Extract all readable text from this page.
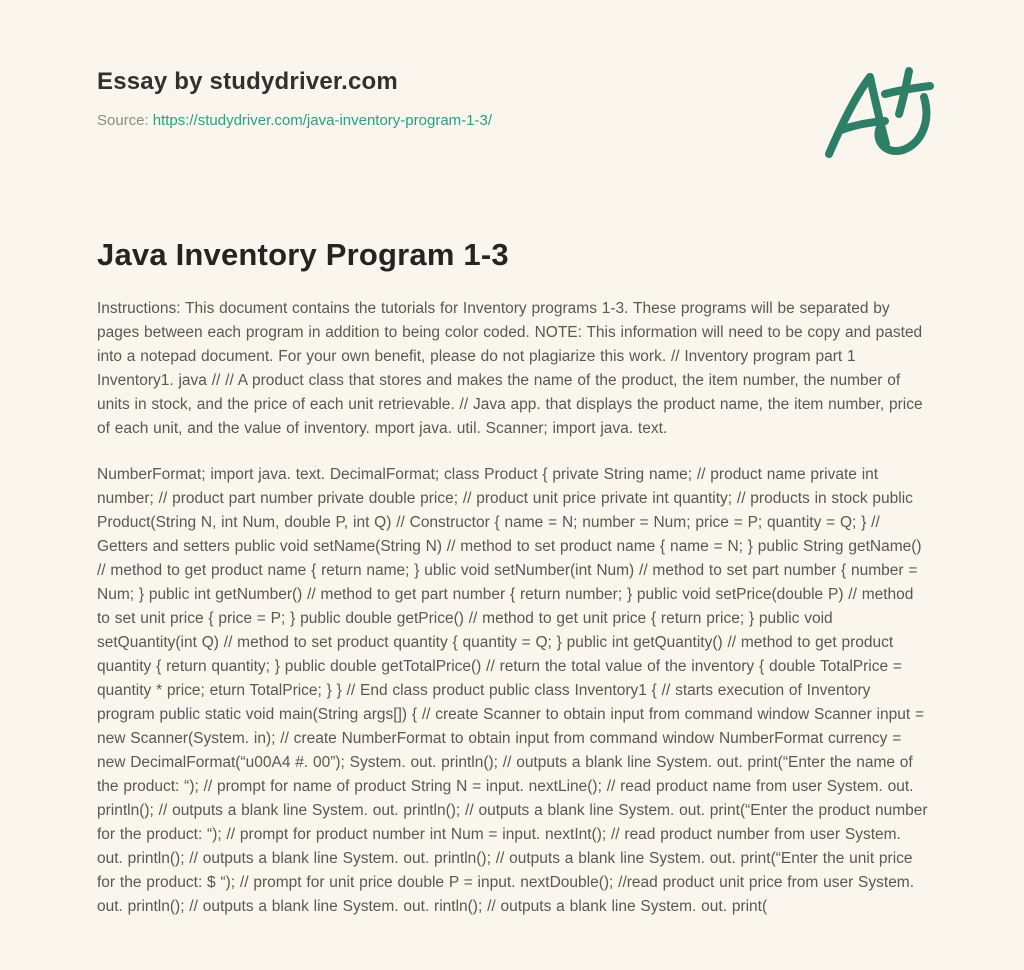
Essay by studydriver.com
Source: https://studydriver.com/java-inventory-program-1-3/
Java Inventory Program 1-3

Instructions: This document contains the tutorials for Inventory programs 1-3. These programs will be separated by pages between each program in addition to being color coded. NOTE: This information will need to be copy and pasted into a notepad document. For your own benefit, please do not plagiarize this work. // Inventory program part 1 Inventory1. java // // A product class that stores and makes the name of the product, the item number, the number of units in stock, and the price of each unit retrievable. // Java app. that displays the product name, the item number, price of each unit, and the value of inventory. mport java. util. Scanner; import java. text.

NumberFormat; import java. text. DecimalFormat; class Product { private String name; // product name private int number; // product part number private double price; // product unit price private int quantity; // products in stock public Product(String N, int Num, double P, int Q) // Constructor { name = N; number = Num; price = P; quantity = Q; } // Getters and setters public void setName(String N) // method to set product name { name = N; } public String getName() // method to get product name { return name; } ublic void setNumber(int Num) // method to set part number { number = Num; } public int getNumber() // method to get part number { return number; } public void setPrice(double P) // method to set unit price { price = P; } public double getPrice() // method to get unit price { return price; } public void setQuantity(int Q) // method to set product quantity { quantity = Q; } public int getQuantity() // method to get product quantity { return quantity; } public double getTotalPrice() // return the total value of the inventory { double TotalPrice = quantity * price; eturn TotalPrice; } } // End class product public class Inventory1 { // starts execution of Inventory program public static void main(String args[]) { // create Scanner to obtain input from command window Scanner input = new Scanner(System. in); // create NumberFormat to obtain input from command window NumberFormat currency = new DecimalFormat(“u00A4 #. 00”); System. out. println(); // outputs a blank line System. out. print(“Enter the name of the product: “); // prompt for name of product String N = input. nextLine(); // read product name from user System. out. println(); // outputs a blank line System. out. println(); // outputs a blank line System. out. print(“Enter the product number for the product: “); // prompt for product number int Num = input. nextInt(); // read product number from user System. out. println(); // outputs a blank line System. out. println(); // outputs a blank line System. out. print(“Enter the unit price for the product: $ “); // prompt for unit price double P = input. nextDouble(); //read product unit price from user System. out. println(); // outputs a blank line System. out. rintln(); // outputs a blank line System. out. print(
